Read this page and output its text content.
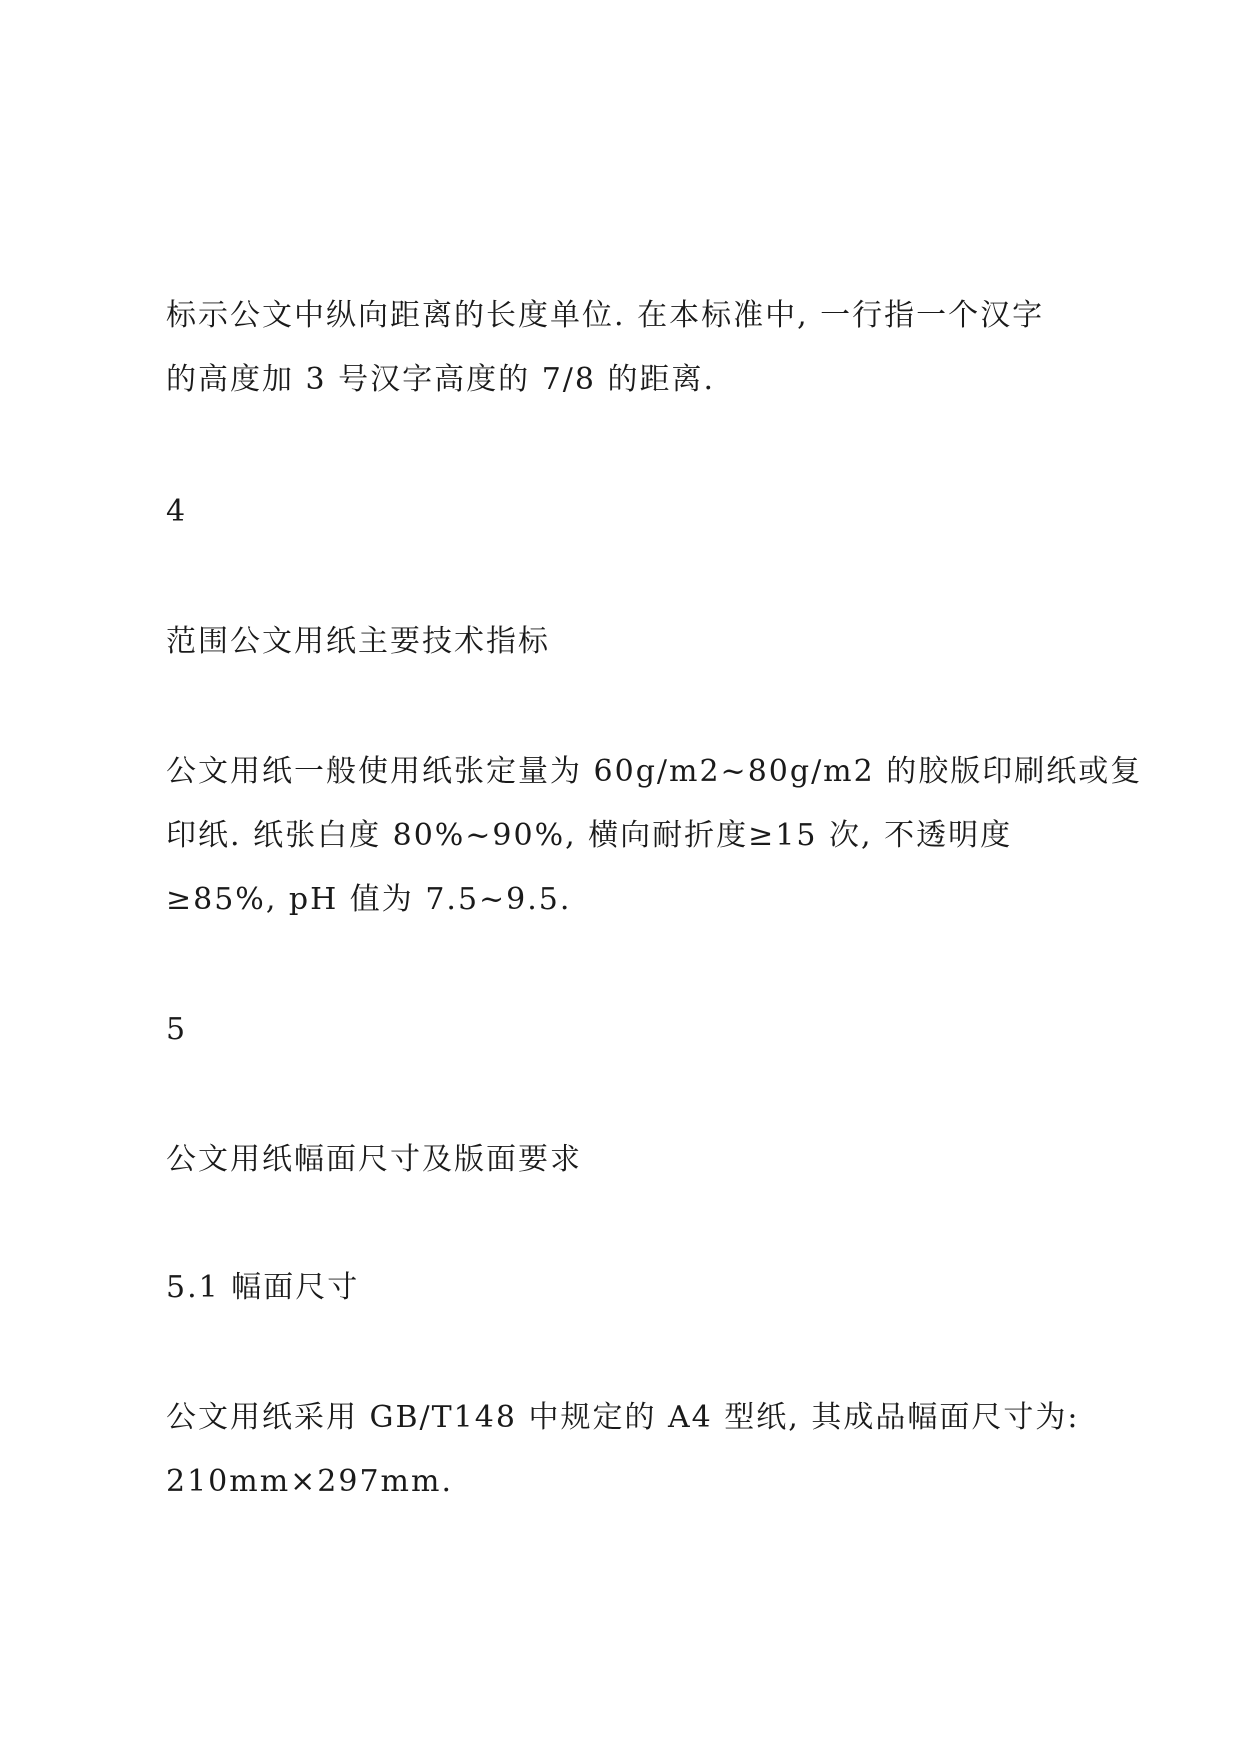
标示公文中纵向距离的长度单位. 在本标准中, 一行指一个汉字
的高度加 3 号汉字高度的 7/8 的距离.
4
范围公文用纸主要技术指标
公文用纸一般使用纸张定量为 60g/m2~80g/m2 的胶版印刷纸或复
印纸. 纸张白度 80%~90%, 横向耐折度≥15 次, 不透明度
≥85%, pH 值为 7.5~9.5.
5
公文用纸幅面尺寸及版面要求
5.1 幅面尺寸
公文用纸采用 GB/T148 中规定的 A4 型纸, 其成品幅面尺寸为:
210mm×297mm.
